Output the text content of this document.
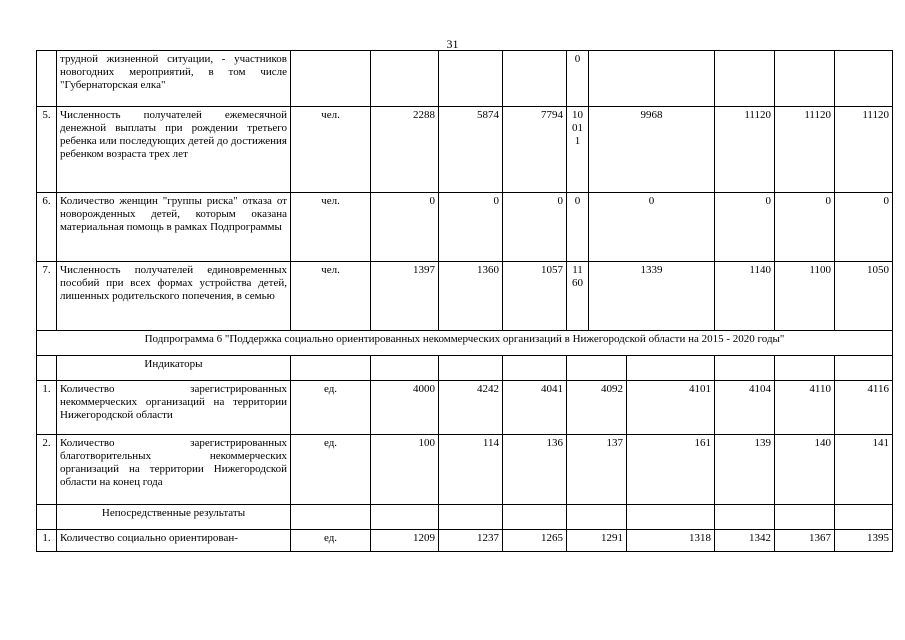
31
	трудной жизненной ситуации, - участников новогодних мероприятий, в том числе "Губернаторская елка"					0					
5.	Численность получателей ежемесячной денежной выплаты при рождении третьего ребенка или последующих детей до достижения ребенком возраста трех лет	чел.	2288	5874	7794	10011	9968		11120	11120	11120
6.	Количество женщин "группы риска" отказа от новорожденных детей, которым оказана материальная помощь в рамках Подпрограммы	чел.	0	0	0	0	0		0	0	0
7.	Численность получателей единовременных пособий при всех формах устройства детей, лишенных родительского попечения, в семью	чел.	1397	1360	1057	1160	1339		1140	1100	1050
Подпрограмма 6 "Поддержка социально ориентированных некоммерческих организаций в Нижегородской области на 2015 - 2020 годы"											
	Индикаторы										
1.	Количество зарегистрированных некоммерческих организаций на территории Нижегородской области	ед.	4000	4242	4041	4092		4101	4104	4110	4116
2.	Количество зарегистрированных благотворительных некоммерческих организаций на территории Нижегородской области на конец года	ед.	100	114	136	137		161	139	140	141
	Непосредственные результаты										
1.	Количество социально ориентирован-	ед.	1209	1237	1265	1291		1318	1342	1367	1395
